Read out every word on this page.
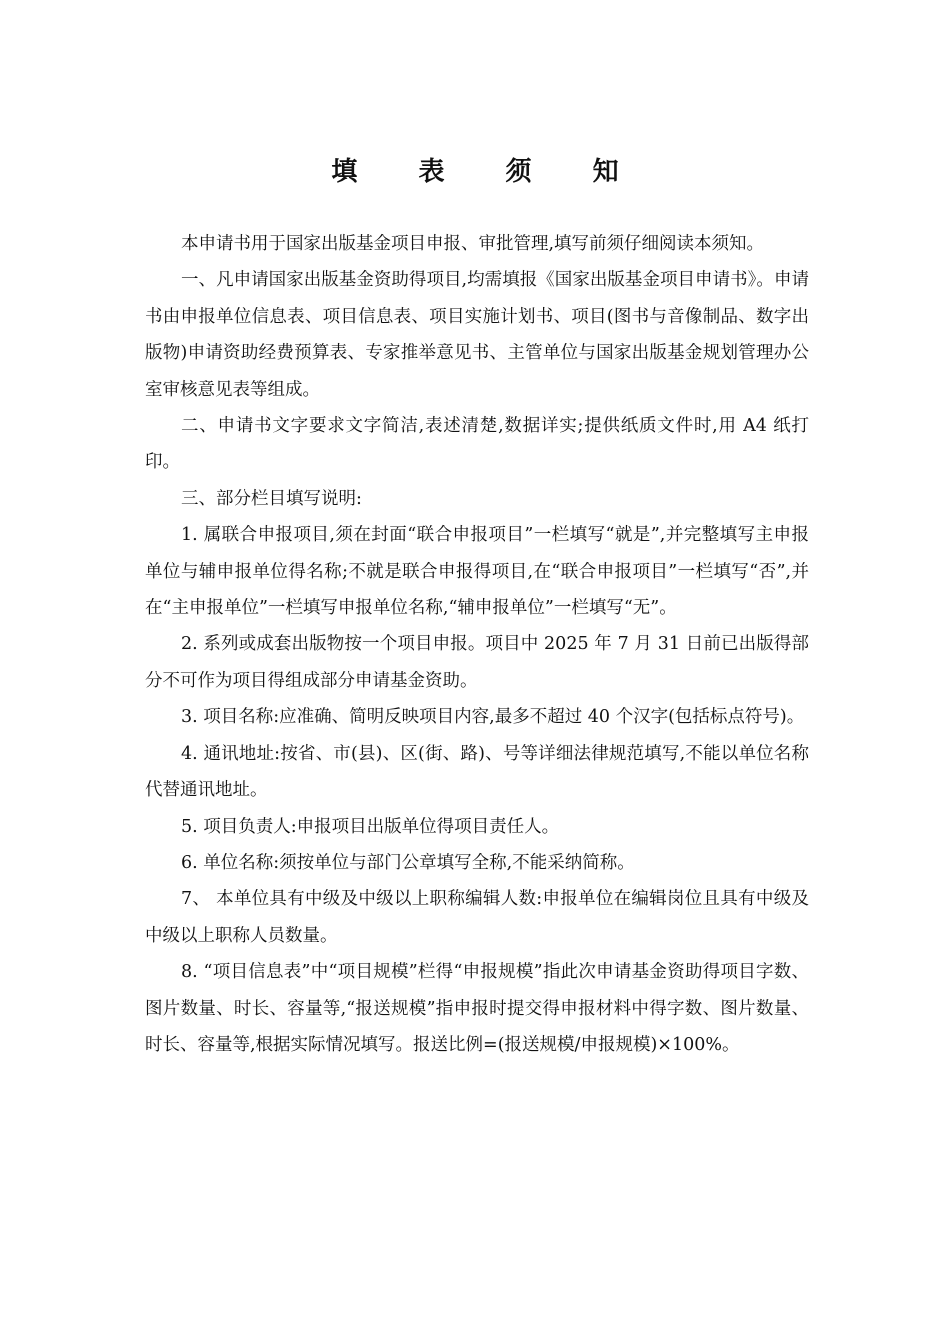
填 表 须 知

本申请书用于国家出版基金项目申报、审批管理,填写前须仔细阅读本须知。

一、凡申请国家出版基金资助得项目,均需填报《国家出版基金项目申请书》。申请书由申报单位信息表、项目信息表、项目实施计划书、项目(图书与音像制品、数字出版物)申请资助经费预算表、专家推举意见书、主管单位与国家出版基金规划管理办公室审核意见表等组成。

二、申请书文字要求文字简洁,表述清楚,数据详实;提供纸质文件时,用 A4 纸打印。

三、部分栏目填写说明:

1. 属联合申报项目,须在封面“联合申报项目”一栏填写“就是”,并完整填写主申报单位与辅申报单位得名称;不就是联合申报得项目,在“联合申报项目”一栏填写“否”,并在“主申报单位”一栏填写申报单位名称,“辅申报单位”一栏填写“无”。

2. 系列或成套出版物按一个项目申报。项目中 2025 年 7 月 31 日前已出版得部分不可作为项目得组成部分申请基金资助。

3. 项目名称:应准确、简明反映项目内容,最多不超过 40 个汉字(包括标点符号)。

4. 通讯地址:按省、市(县)、区(街、路)、号等详细法律规范填写,不能以单位名称代替通讯地址。

5. 项目负责人:申报项目出版单位得项目责任人。

6. 单位名称:须按单位与部门公章填写全称,不能采纳简称。

7、 本单位具有中级及中级以上职称编辑人数:申报单位在编辑岗位且具有中级及中级以上职称人员数量。

8. “项目信息表”中“项目规模”栏得“申报规模”指此次申请基金资助得项目字数、图片数量、时长、容量等,“报送规模”指申报时提交得申报材料中得字数、图片数量、时长、容量等,根据实际情况填写。报送比例=(报送规模/申报规模)×100%。
